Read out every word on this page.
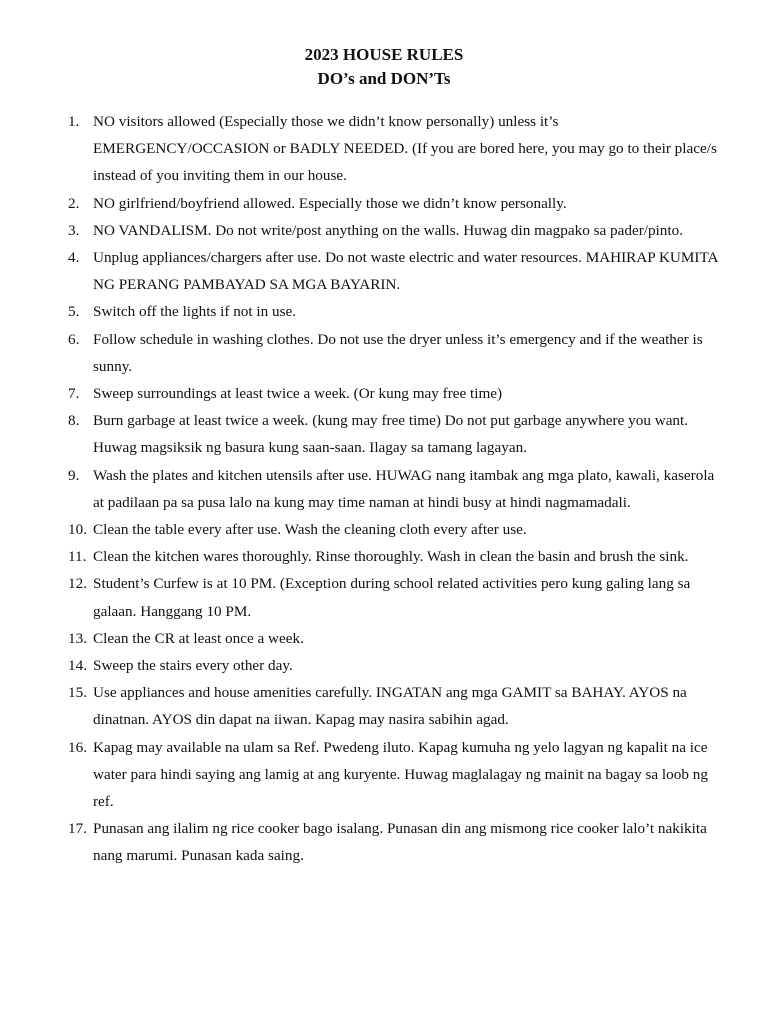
2023 HOUSE RULES
DO’s and DON’Ts
1. NO visitors allowed (Especially those we didn’t know personally) unless it’s EMERGENCY/OCCASION or BADLY NEEDED. (If you are bored here, you may go to their place/s instead of you inviting them in our house.
2. NO girlfriend/boyfriend allowed. Especially those we didn’t know personally.
3. NO VANDALISM. Do not write/post anything on the walls. Huwag din magpako sa pader/pinto.
4. Unplug appliances/chargers after use. Do not waste electric and water resources. MAHIRAP KUMITA NG PERANG PAMBAYAD SA MGA BAYARIN.
5. Switch off the lights if not in use.
6. Follow schedule in washing clothes. Do not use the dryer unless it’s emergency and if the weather is sunny.
7. Sweep surroundings at least twice a week. (Or kung may free time)
8. Burn garbage at least twice a week. (kung may free time) Do not put garbage anywhere you want. Huwag magsiksik ng basura kung saan-saan. Ilagay sa tamang lagayan.
9. Wash the plates and kitchen utensils after use. HUWAG nang itambak ang mga plato, kawali, kaserola at padilaan pa sa pusa lalo na kung may time naman at hindi busy at hindi nagmamadali.
10. Clean the table every after use. Wash the cleaning cloth every after use.
11. Clean the kitchen wares thoroughly. Rinse thoroughly. Wash in clean the basin and brush the sink.
12. Student’s Curfew is at 10 PM. (Exception during school related activities pero kung galing lang sa galaan. Hanggang 10 PM.
13. Clean the CR at least once a week.
14. Sweep the stairs every other day.
15. Use appliances and house amenities carefully. INGATAN ang mga GAMIT sa BAHAY. AYOS na dinatnan. AYOS din dapat na iiwan. Kapag may nasira sabihin agad.
16. Kapag may available na ulam sa Ref. Pwedeng iluto. Kapag kumuha ng yelo lagyan ng kapalit na ice water para hindi saying ang lamig at ang kuryente. Huwag maglalagay ng mainit na bagay sa loob ng ref.
17. Punasan ang ilalim ng rice cooker bago isalang. Punasan din ang mismong rice cooker lalo’t nakikita nang marumi. Punasan kada saing.
